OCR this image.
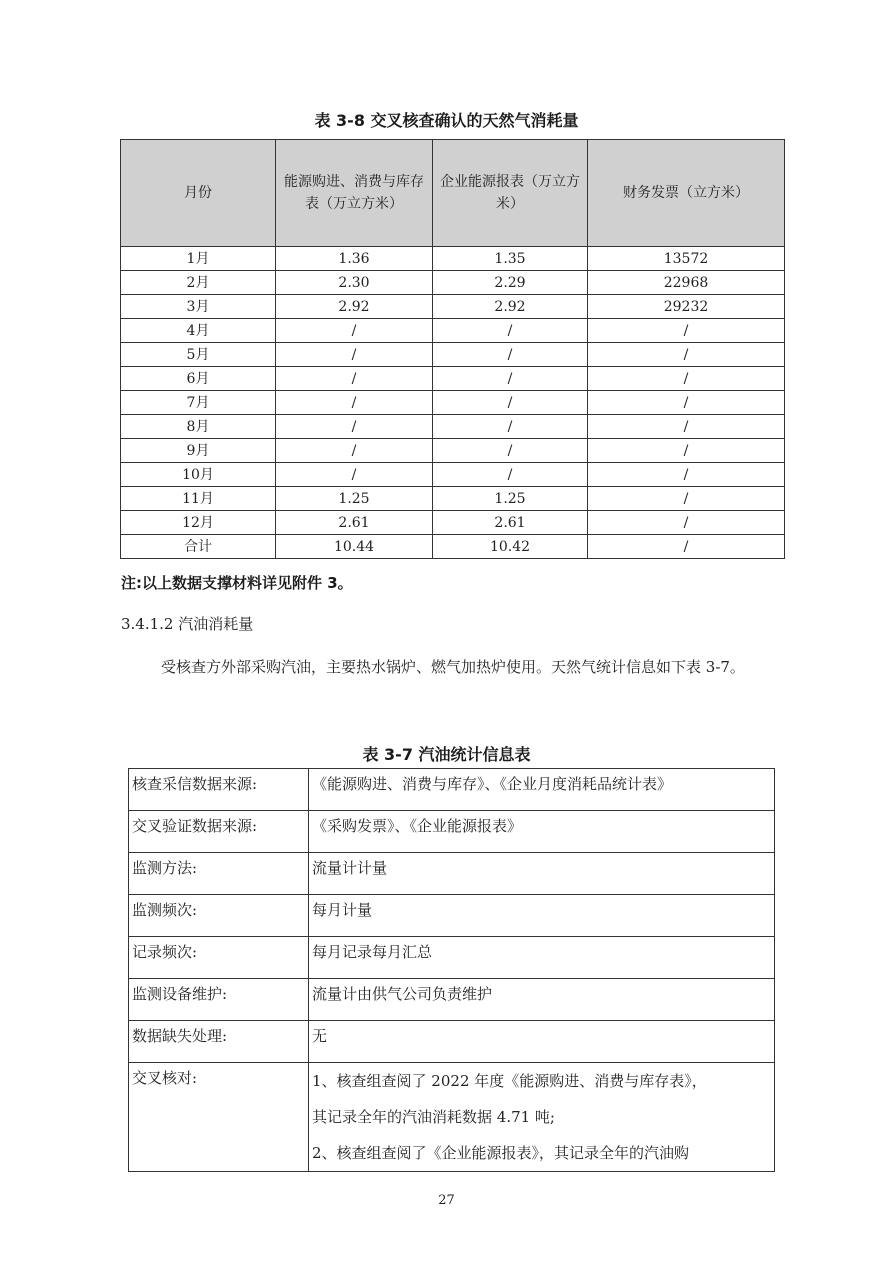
表 3-8 交叉核查确认的天然气消耗量
月份	能源购进、消费与库存表（万立方米）	企业能源报表（万立方米）	财务发票（立方米）
1月	1.36	1.35	13572
2月	2.30	2.29	22968
3月	2.92	2.92	29232
4月	/	/	/
5月	/	/	/
6月	/	/	/
7月	/	/	/
8月	/	/	/
9月	/	/	/
10月	/	/	/
11月	1.25	1.25	/
12月	2.61	2.61	/
合计	10.44	10.42	/
注:以上数据支撑材料详见附件 3。
3.4.1.2 汽油消耗量
受核查方外部采购汽油，主要热水锅炉、燃气加热炉使用。天然气统计信息如下表 3-7。
表 3-7 汽油统计信息表
核查采信数据来源:	《能源购进、消费与库存》、《企业月度消耗品统计表》
交叉验证数据来源:	《采购发票》、《企业能源报表》
监测方法:	流量计计量
监测频次:	每月计量
记录频次:	每月记录每月汇总
监测设备维护:	流量计由供气公司负责维护
数据缺失处理:	无
交叉核对:	1、核查组查阅了 2022 年度《能源购进、消费与库存表》，
其记录全年的汽油消耗数据 4.71 吨;
2、核查组查阅了《企业能源报表》，其记录全年的汽油购
27
